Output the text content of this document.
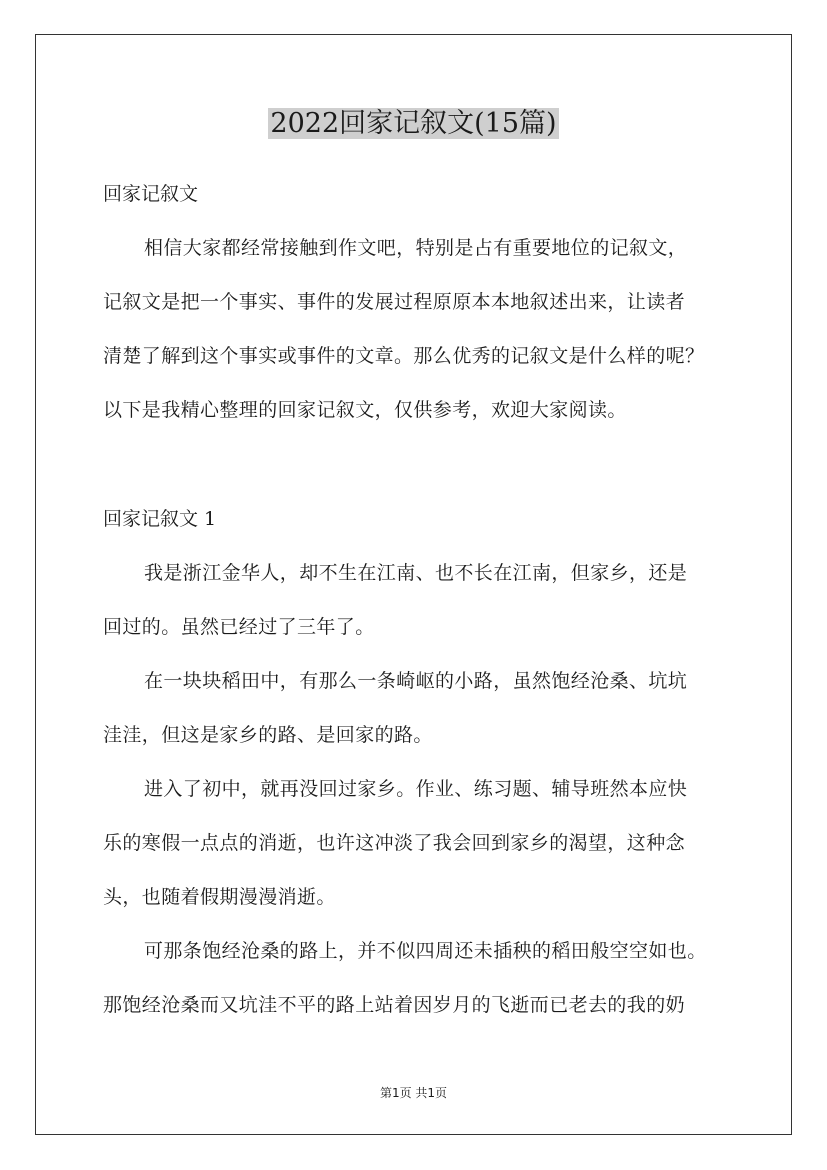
2022回家记叙文(15篇)
回家记叙文
相信大家都经常接触到作文吧，特别是占有重要地位的记叙文，
记叙文是把一个事实、事件的发展过程原原本本地叙述出来，让读者
清楚了解到这个事实或事件的文章。那么优秀的记叙文是什么样的呢？
以下是我精心整理的回家记叙文，仅供参考，欢迎大家阅读。
回家记叙文 1
我是浙江金华人，却不生在江南、也不长在江南，但家乡，还是
回过的。虽然已经过了三年了。
在一块块稻田中，有那么一条崎岖的小路，虽然饱经沧桑、坑坑
洼洼，但这是家乡的路、是回家的路。
进入了初中，就再没回过家乡。作业、练习题、辅导班然本应快
乐的寒假一点点的消逝，也许这冲淡了我会回到家乡的渴望，这种念
头，也随着假期漫漫消逝。
可那条饱经沧桑的路上，并不似四周还未插秧的稻田般空空如也。
那饱经沧桑而又坑洼不平的路上站着因岁月的飞逝而已老去的我的奶
第1页 共1页
